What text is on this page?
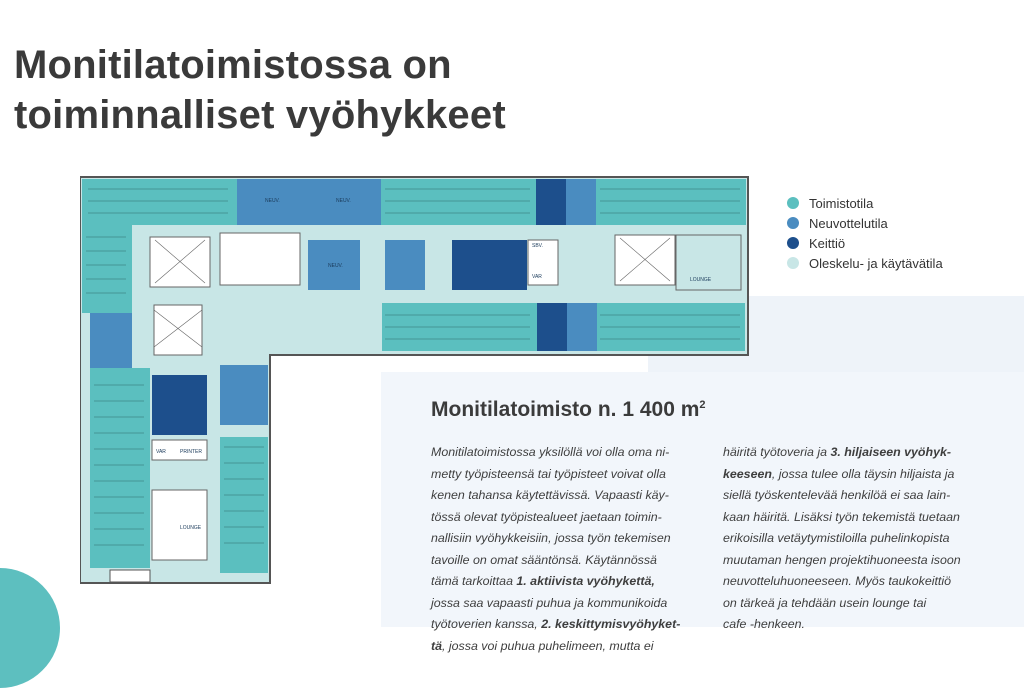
Monitilatoimistossa on
toiminnalliset vyöhykkeet
NEUV.	NEUV.
NEUV.
SBV.
VAR
VAR	PRINTER
LOUNGE
LOUNGE
Toimistotila
Neuvottelutila
Keittiö
Oleskelu- ja käytävätila
Monitilatoimisto n. 1 400 $m^2$
Monitilatoimistossa yksilöllä voi olla oma ni-
metty työpisteensä tai työpisteet voivat olla
kenen tahansa käytettävissä. Vapaasti käy-
tössä olevat työpistealueet jaetaan toimin-
nallisiin vyöhykkeisiin, jossa työn tekemisen
tavoille on omat sääntönsä. Käytännössä
tämä tarkoittaa 1. aktiivista vyöhykettä,
jossa saa vapaasti puhua ja kommunikoida
työtoverien kanssa, 2. keskittymisvyöhyket-
tä, jossa voi puhua puhelimeen, mutta ei
häiritä työtoveria ja 3. hiljaiseen vyöhyk-
keeseen, jossa tulee olla täysin hiljaista ja
siellä työskentelevää henkilöä ei saa lain-
kaan häiritä. Lisäksi työn tekemistä tuetaan
erikoisilla vetäytymistiloilla puhelinkopista
muutaman hengen projektihuoneesta isoon
neuvotteluhuoneeseen. Myös taukokeittiö
on tärkeä ja tehdään usein lounge tai
cafe -henkeen.
